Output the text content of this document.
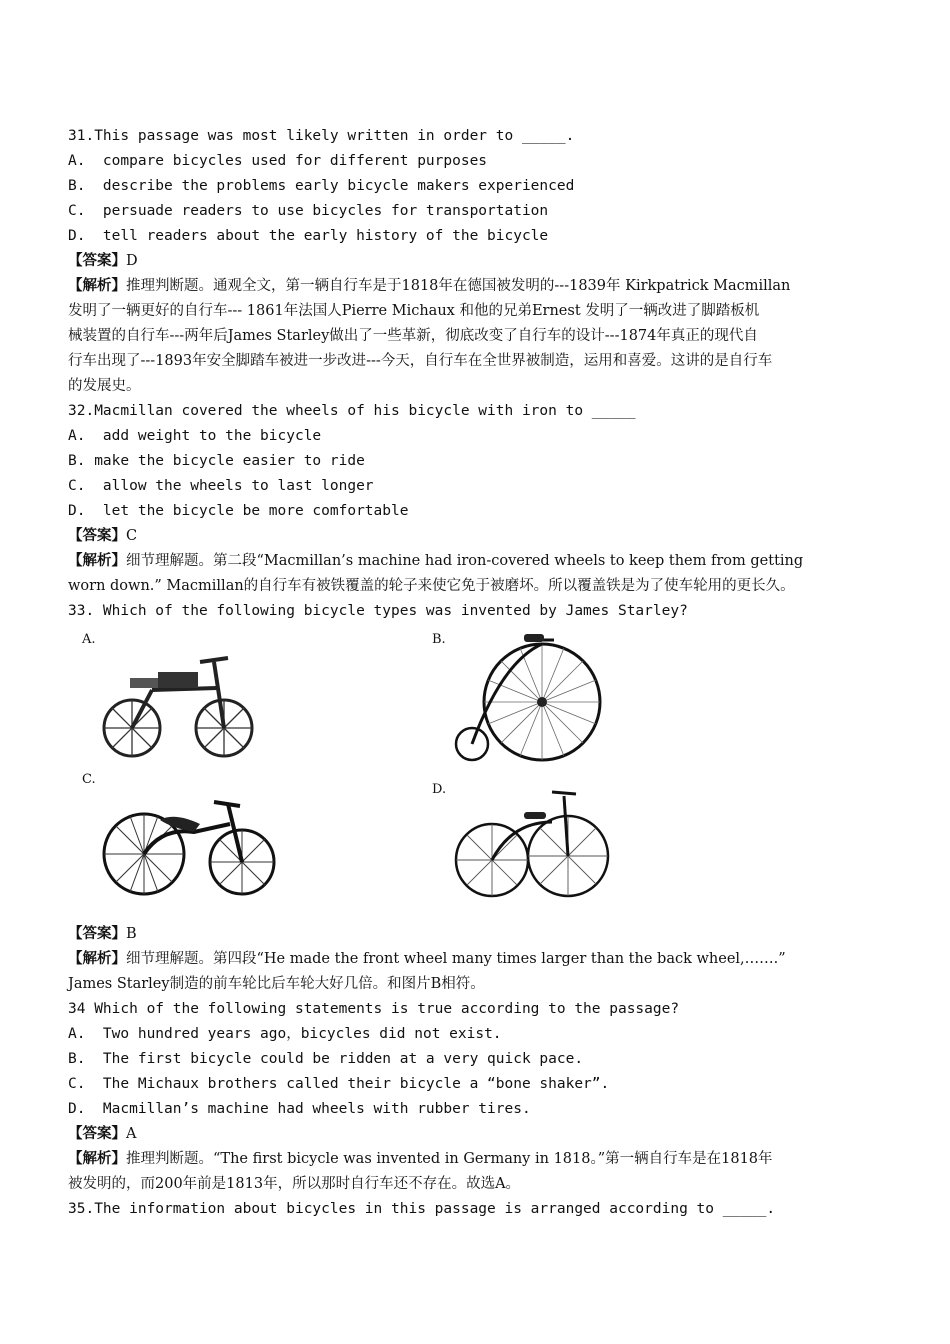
31.This passage was most likely written in order to _____.
A.  compare bicycles used for different purposes
B.  describe the problems early bicycle makers experienced
C.  persuade readers to use bicycles for transportation
D.  tell readers about the early history of the bicycle
【答案】D
【解析】推理判断题。通观全文，第一辆自行车是于1818年在德国被发明的---1839年 Kirkpatrick Macmillan
发明了一辆更好的自行车--- 1861年法国人Pierre Michaux 和他的兄弟Ernest 发明了一辆改进了脚踏板机
械装置的自行车---两年后James Starley做出了一些革新，彻底改变了自行车的设计---1874年真正的现代自
行车出现了---1893年安全脚踏车被进一步改进---今天，自行车在全世界被制造，运用和喜爱。这讲的是自行车
的发展史。
32.Macmillan covered the wheels of his bicycle with iron to _____
A.  add weight to the bicycle
B. make the bicycle easier to ride
C.  allow the wheels to last longer
D.  let the bicycle be more comfortable
【答案】C
【解析】细节理解题。第二段“Macmillan’s machine had iron-covered wheels to keep them from getting
worn down.” Macmillan的自行车有被铁覆盖的轮子来使它免于被磨坏。所以覆盖铁是为了使车轮用的更长久。
33. Which of the following bicycle types was invented by James Starley?
A.	B.
C.
D.
【答案】B
【解析】细节理解题。第四段“He made the front wheel many times larger than the back wheel,…….”
James Starley制造的前车轮比后车轮大好几倍。和图片B相符。
34 Which of the following statements is true according to the passage?
A.  Two hundred years ago，bicycles did not exist.
B.  The first bicycle could be ridden at a very quick pace.
C.  The Michaux brothers called their bicycle a “bone shaker”.
D.  Macmillan’s machine had wheels with rubber tires.
【答案】A
【解析】推理判断题。“The first bicycle was invented in Germany in 1818。”第一辆自行车是在1818年
被发明的，而200年前是1813年，所以那时自行车还不存在。故选A。
35.The information about bicycles in this passage is arranged according to _____.
